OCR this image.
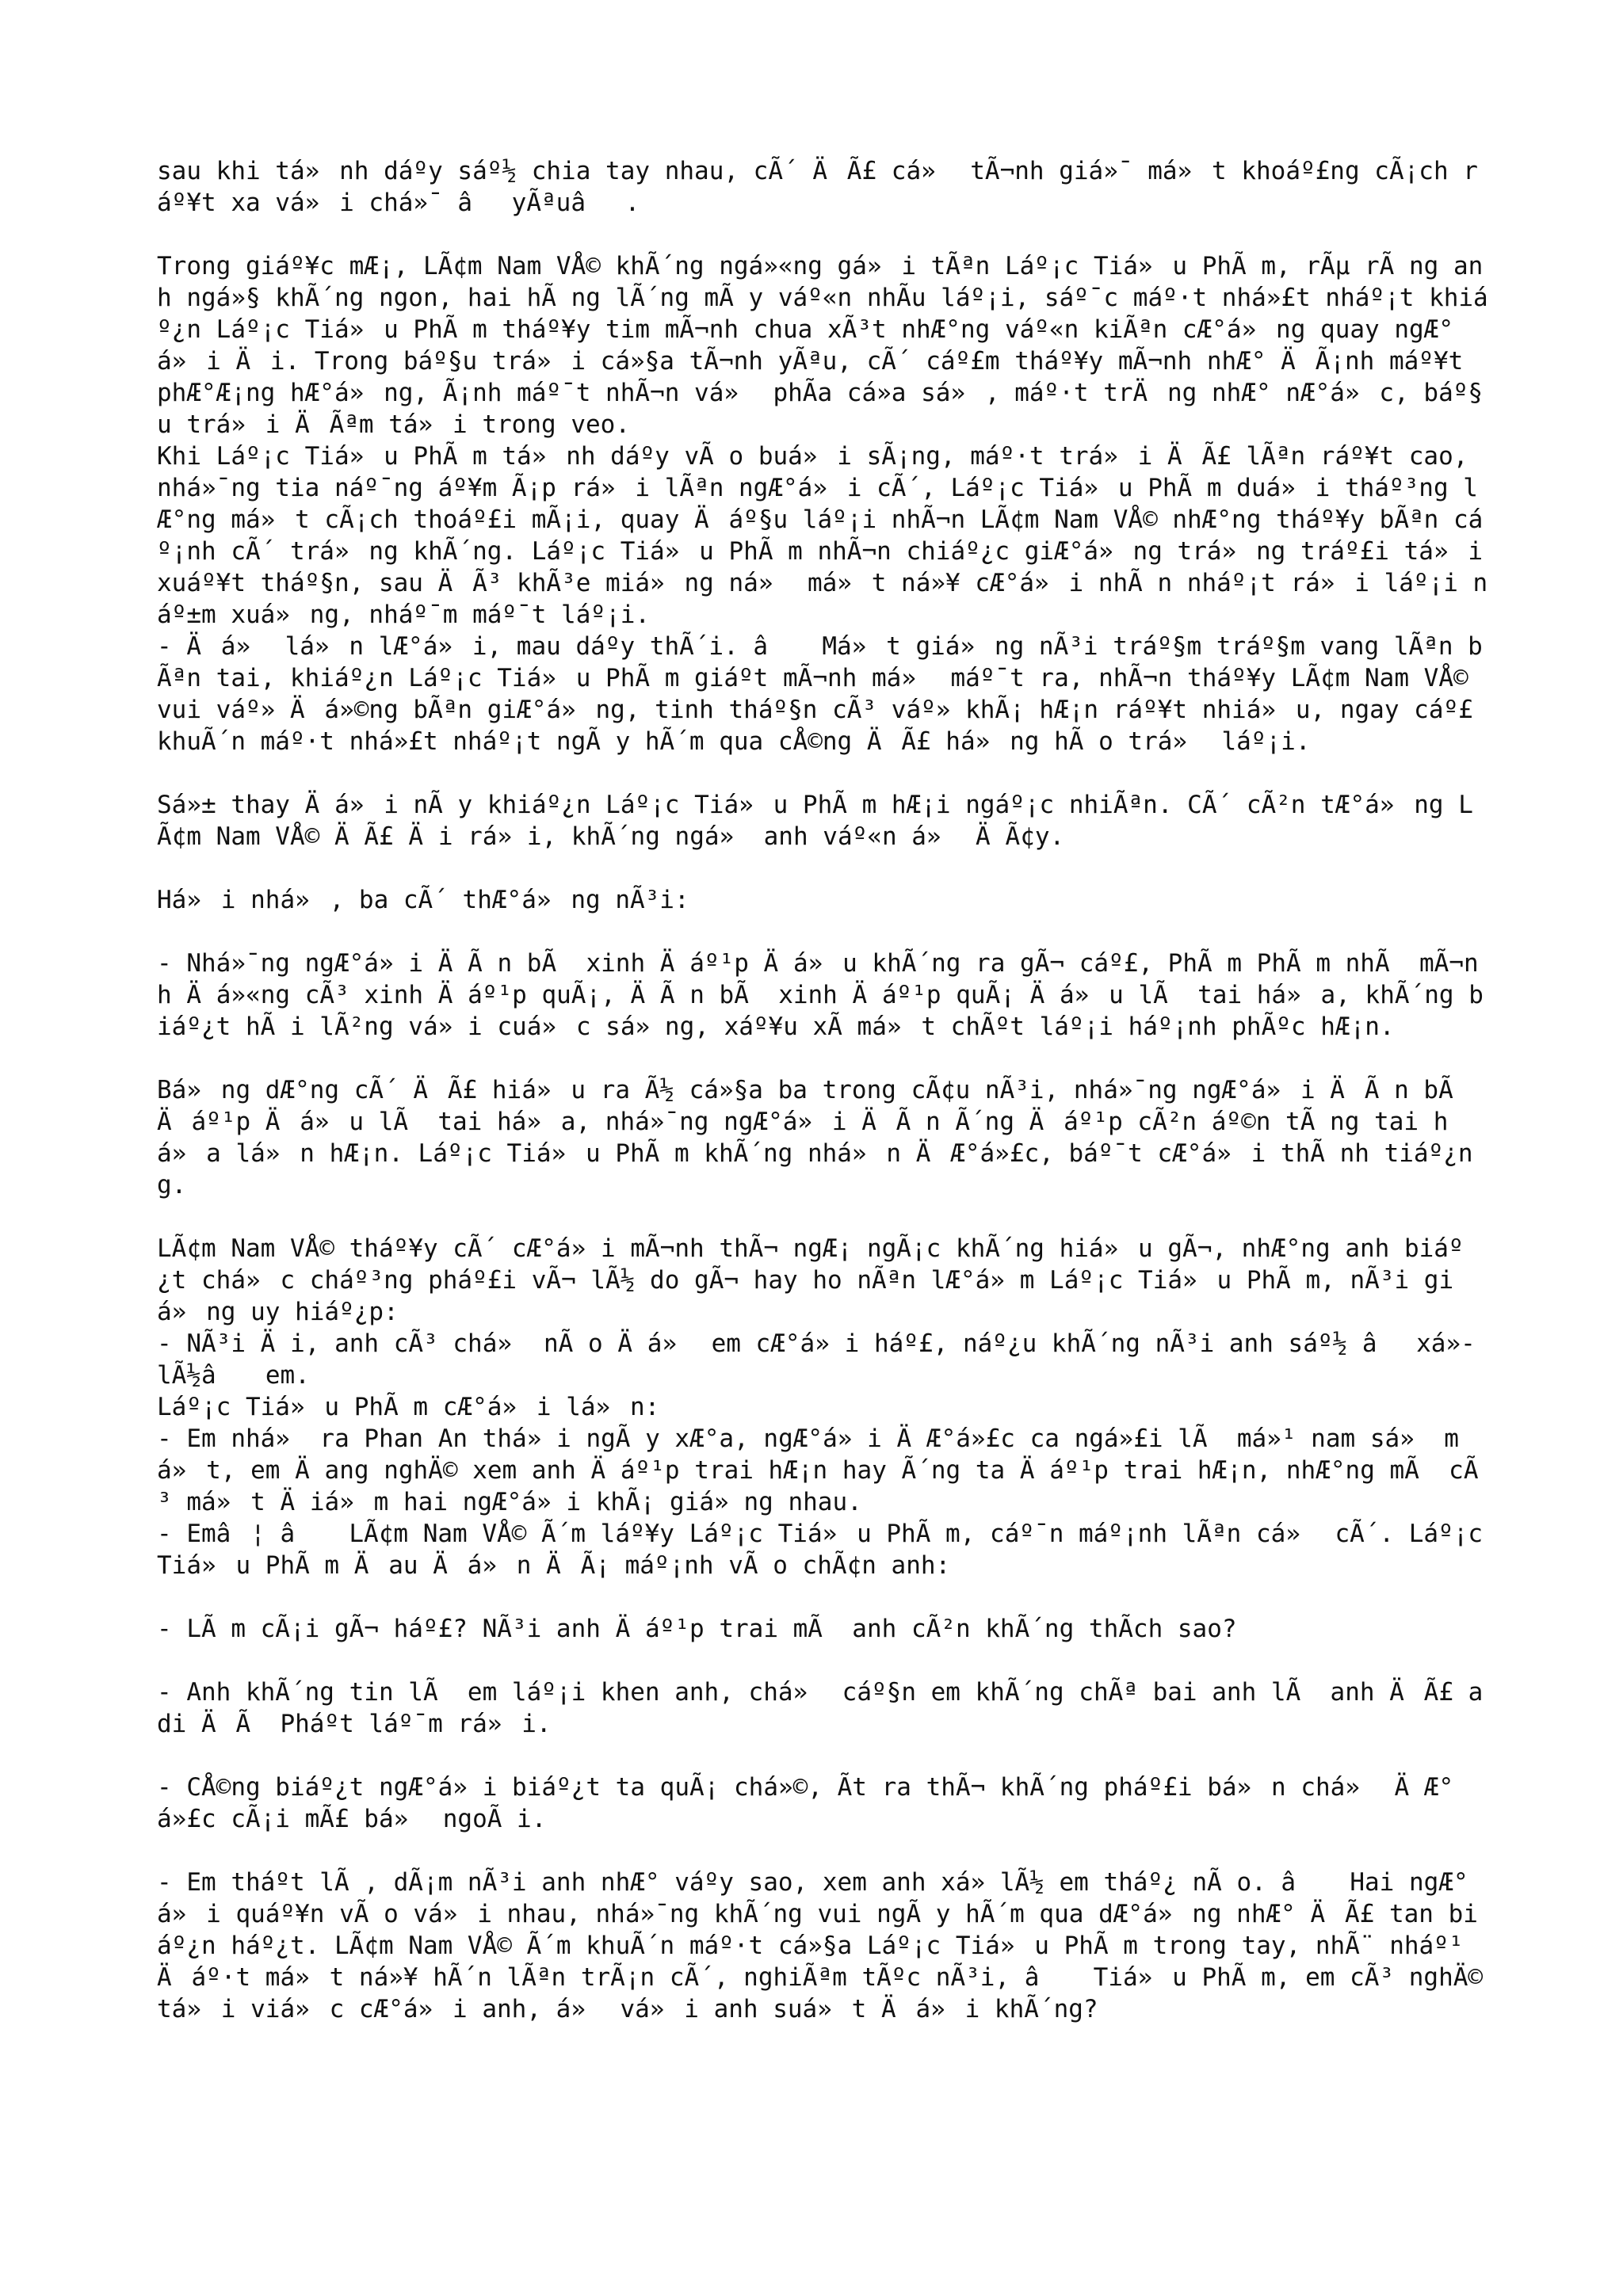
sau khi tá»nh dáºy sáº½ chia tay nhau, cÃ´ ÄÃ£ cá» tÃ¬nh giá»¯ má»t khoáº£ng cÃ¡ch ráº¥t xa vá»i chá»¯ âyÃªuâ.

Trong giáº¥c mÆ¡, LÃ¢m Nam VÅ© khÃ´ng ngá»«ng gá»i tÃªn Láº¡c Tiá»u PhÃ m, rÃµ rÃ ng anh ngá»§ khÃ´ng ngon, hai hÃ ng lÃ´ng mÃ y váº«n nhÃu láº¡i, sáº¯c máº·t nhá»£t nháº¡t khiáº¿n Láº¡c Tiá»u PhÃ m tháº¥y tim mÃ¬nh chua xÃ³t nhÆ°ng váº«n kiÃªn cÆ°á»ng quay ngÆ°á»i Äi. Trong báº§u trá»i cá»§a tÃ¬nh yÃªu, cÃ´ cáº£m tháº¥y mÃ¬nh nhÆ° ÄÃ¡nh máº¥t phÆ°Æ¡ng hÆ°á»ng, Ã¡nh máº¯t nhÃ¬n vá» phÃa cá»a sá», máº·t trÄng nhÆ° nÆ°á»c, báº§u trá»i ÄÃªm tá»i trong veo.
Khi Láº¡c Tiá»u PhÃ m tá»nh dáºy vÃ o buá»i sÃ¡ng, máº·t trá»i ÄÃ£ lÃªn ráº¥t cao, nhá»¯ng tia náº¯ng áº¥m Ã¡p rá»i lÃªn ngÆ°á»i cÃ´, Láº¡c Tiá»u PhÃ m duá»i tháº³ng lÆ°ng má»t cÃ¡ch thoáº£i mÃ¡i, quay Äáº§u láº¡i nhÃ¬n LÃ¢m Nam VÅ© nhÆ°ng tháº¥y bÃªn cáº¡nh cÃ´ trá»ng khÃ´ng. Láº¡c Tiá»u PhÃ m nhÃ¬n chiáº¿c giÆ°á»ng trá»ng tráº£i tá»i xuáº¥t tháº§n, sau ÄÃ³ khÃ³e miá»ng ná» má»t ná»¥ cÆ°á»i nhÃ n nháº¡t rá»i láº¡i náº±m xuá»ng, nháº¯m máº¯t láº¡i.
- Äá» lá»n lÆ°á»i, mau dáºy thÃ´i. â Má»t giá»ng nÃ³i tráº§m tráº§m vang lÃªn bÃªn tai, khiáº¿n Láº¡c Tiá»u PhÃ m giáºt mÃ¬nh má» máº¯t ra, nhÃ¬n tháº¥y LÃ¢m Nam VÅ© vui váº» Äá»©ng bÃªn giÆ°á»ng, tinh tháº§n cÃ³ váº» khÃ¡ hÆ¡n ráº¥t nhiá»u, ngay cáº£ khuÃ´n máº·t nhá»£t nháº¡t ngÃ y hÃ´m qua cÅ©ng ÄÃ£ há»ng hÃ o trá» láº¡i.

Sá»± thay Äá»i nÃ y khiáº¿n Láº¡c Tiá»u PhÃ m hÆ¡i ngáº¡c nhiÃªn. CÃ´ cÃ²n tÆ°á»ng LÃ¢m Nam VÅ© ÄÃ£ Äi rá»i, khÃ´ng ngá» anh váº«n á» ÄÃ¢y.

Há»i nhá», ba cÃ´ thÆ°á»ng nÃ³i:

- Nhá»¯ng ngÆ°á»i ÄÃ n bÃ  xinh Äáº¹p Äá»u khÃ´ng ra gÃ¬ cáº£, PhÃ m PhÃ m nhÃ  mÃ¬nh Äá»«ng cÃ³ xinh Äáº¹p quÃ¡, ÄÃ n bÃ  xinh Äáº¹p quÃ¡ Äá»u lÃ  tai há»a, khÃ´ng biáº¿t hÃ i lÃ²ng vá»i cuá»c sá»ng, xáº¥u xÃ má»t chÃºt láº¡i háº¡nh phÃºc hÆ¡n.

Bá»ng dÆ°ng cÃ´ ÄÃ£ hiá»u ra Ã½ cá»§a ba trong cÃ¢u nÃ³i, nhá»¯ng ngÆ°á»i ÄÃ n bÃ  Äáº¹p Äá»u lÃ  tai há»a, nhá»¯ng ngÆ°á»i ÄÃ n Ã´ng Äáº¹p cÃ²n áº©n tÃ ng tai há»a lá»n hÆ¡n. Láº¡c Tiá»u PhÃ m khÃ´ng nhá»n ÄÆ°á»£c, báº¯t cÆ°á»i thÃ nh tiáº¿ng.

LÃ¢m Nam VÅ© tháº¥y cÃ´ cÆ°á»i mÃ¬nh thÃ¬ ngÆ¡ ngÃ¡c khÃ´ng hiá»u gÃ¬, nhÆ°ng anh biáº¿t chá»c cháº³ng pháº£i vÃ¬ lÃ½ do gÃ¬ hay ho nÃªn lÆ°á»m Láº¡c Tiá»u PhÃ m, nÃ³i giá»ng uy hiáº¿p:
- NÃ³i Äi, anh cÃ³ chá» nÃ o Äá» em cÆ°á»i háº£, náº¿u khÃ´ng nÃ³i anh sáº½ âxá» lÃ½â em.
Láº¡c Tiá»u PhÃ m cÆ°á»i lá»n:
- Em nhá» ra Phan An thá»i ngÃ y xÆ°a, ngÆ°á»i ÄÆ°á»£c ca ngá»£i lÃ  má»¹ nam sá» má»t, em Äang nghÄ© xem anh Äáº¹p trai hÆ¡n hay Ã´ng ta Äáº¹p trai hÆ¡n, nhÆ°ng mÃ  cÃ³ má»t Äiá»m hai ngÆ°á»i khÃ¡ giá»ng nhau.
- Emâ¦ â LÃ¢m Nam VÅ© Ã´m láº¥y Láº¡c Tiá»u PhÃ m, cáº¯n máº¡nh lÃªn cá» cÃ´. Láº¡c Tiá»u PhÃ m Äau Äá»n ÄÃ¡ máº¡nh vÃ o chÃ¢n anh:

- LÃ m cÃ¡i gÃ¬ háº£? NÃ³i anh Äáº¹p trai mÃ  anh cÃ²n khÃ´ng thÃch sao?

- Anh khÃ´ng tin lÃ  em láº¡i khen anh, chá» cáº§n em khÃ´ng chÃª bai anh lÃ  anh ÄÃ£ a di ÄÃ  Pháºt láº¯m rá»i.

- CÅ©ng biáº¿t ngÆ°á»i biáº¿t ta quÃ¡ chá»©, Ãt ra thÃ¬ khÃ´ng pháº£i bá»n chá» ÄÆ°á»£c cÃ¡i mÃ£ bá» ngoÃ i.

- Em tháºt lÃ , dÃ¡m nÃ³i anh nhÆ° váºy sao, xem anh xá» lÃ½ em tháº¿ nÃ o. â Hai ngÆ°á»i quáº¥n vÃ o vá»i nhau, nhá»¯ng khÃ´ng vui ngÃ y hÃ´m qua dÆ°á»ng nhÆ° ÄÃ£ tan biáº¿n háº¿t. LÃ¢m Nam VÅ© Ã´m khuÃ´n máº·t cá»§a Láº¡c Tiá»u PhÃ m trong tay, nhÃ¨ nháº¹ Äáº·t má»t ná»¥ hÃ´n lÃªn trÃ¡n cÃ´, nghiÃªm tÃºc nÃ³i, â Tiá»u PhÃ m, em cÃ³ nghÄ© tá»i viá»c cÆ°á»i anh, á» vá»i anh suá»t Äá»i khÃ´ng?
